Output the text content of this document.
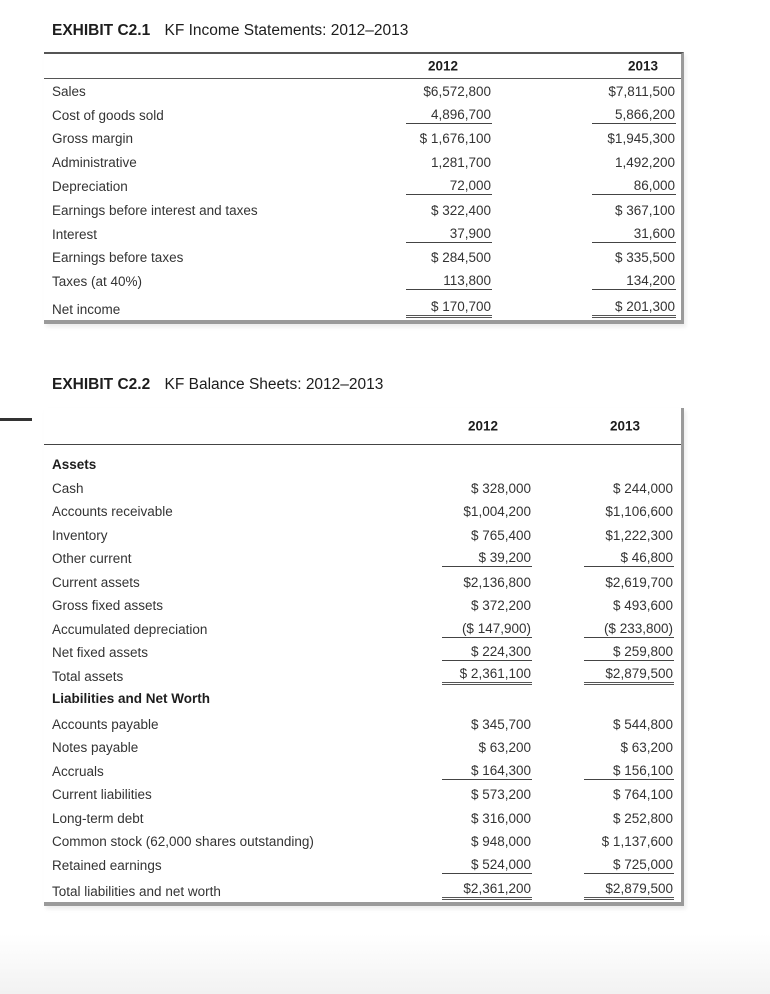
EXHIBIT C2.1 KF Income Statements: 2012–2013
2012	2013
Sales	$6,572,800	$7,811,500
Cost of goods sold	4,896,700	5,866,200
Gross margin	$ 1,676,100	$1,945,300
Administrative	1,281,700	1,492,200
Depreciation	72,000	86,000
Earnings before interest and taxes	$ 322,400	$ 367,100
Interest	37,900	31,600
Earnings before taxes	$ 284,500	$ 335,500
Taxes (at 40%)	113,800	134,200
Net income	$ 170,700	$ 201,300
EXHIBIT C2.2 KF Balance Sheets: 2012–2013
2012	2013
Assets
Cash	$ 328,000	$ 244,000
Accounts receivable	$1,004,200	$1,106,600
Inventory	$ 765,400	$1,222,300
Other current	$ 39,200	$ 46,800
Current assets	$2,136,800	$2,619,700
Gross fixed assets	$ 372,200	$ 493,600
Accumulated depreciation	($ 147,900)	($ 233,800)
Net fixed assets	$ 224,300	$ 259,800
Total assets	$ 2,361,100	$2,879,500
Liabilities and Net Worth
Accounts payable	$ 345,700	$ 544,800
Notes payable	$ 63,200	$ 63,200
Accruals	$ 164,300	$ 156,100
Current liabilities	$ 573,200	$ 764,100
Long-term debt	$ 316,000	$ 252,800
Common stock (62,000 shares outstanding)	$ 948,000	$ 1,137,600
Retained earnings	$ 524,000	$ 725,000
Total liabilities and net worth	$2,361,200	$2,879,500
